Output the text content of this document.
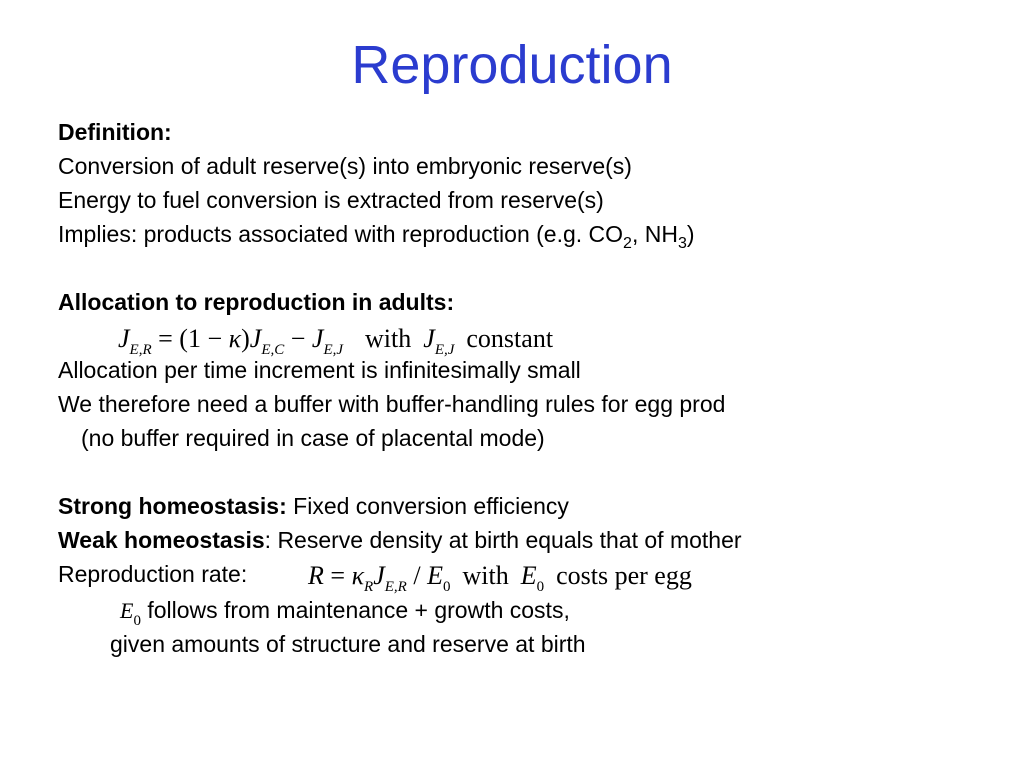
Reproduction
Definition:
Conversion of adult reserve(s) into embryonic reserve(s)
Energy to fuel conversion is extracted from reserve(s)
Implies: products associated with reproduction (e.g. $CO_2$, $NH_3$)
Allocation to reproduction in adults:
$J_{E,R} = (1 - \kappa)J_{E,C} - J_{E,J}$ with $J_{E,J}$ constant
Allocation per time increment is infinitesimally small
We therefore need a buffer with buffer-handling rules for egg prod
(no buffer required in case of placental mode)
Strong homeostasis: Fixed conversion efficiency
Weak homeostasis: Reserve density at birth equals that of mother
Reproduction rate: $R = \kappa_RJ_{E,R} / E_0$ with $E_0$ costs per egg
$E_0$ follows from maintenance + growth costs,
given amounts of structure and reserve at birth
